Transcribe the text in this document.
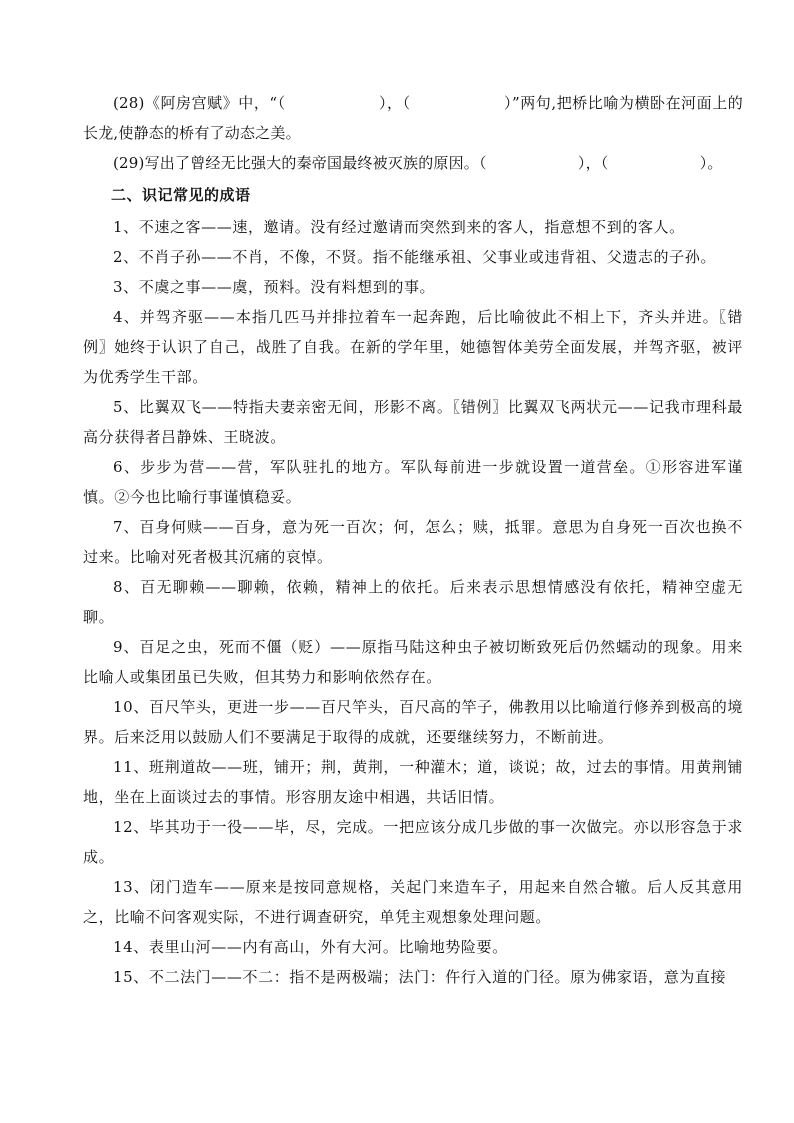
(28)《阿房宫赋》中，“（　　　　　　），（　　　　　　）”两句,把桥比喻为横卧在河面上的长龙,使静态的桥有了动态之美。

(29)写出了曾经无比强大的秦帝国最终被灭族的原因。（　　　　　　），（　　　　　　）。

二、识记常见的成语

1、不速之客——速，邀请。没有经过邀请而突然到来的客人，指意想不到的客人。

2、不肖子孙——不肖，不像，不贤。指不能继承祖、父事业或违背祖、父遗志的子孙。

3、不虞之事——虞，预料。没有料想到的事。

4、并驾齐驱——本指几匹马并排拉着车一起奔跑，后比喻彼此不相上下，齐头并进。〖错例〗她终于认识了自己，战胜了自我。在新的学年里，她德智体美劳全面发展，并驾齐驱，被评为优秀学生干部。

5、比翼双飞——特指夫妻亲密无间，形影不离。〖错例〗比翼双飞两状元——记我市理科最高分获得者吕静姝、王晓波。

6、步步为营——营，军队驻扎的地方。军队每前进一步就设置一道营垒。①形容进军谨慎。②今也比喻行事谨慎稳妥。

7、百身何赎——百身，意为死一百次；何，怎么；赎，抵罪。意思为自身死一百次也换不过来。比喻对死者极其沉痛的哀悼。

8、百无聊赖——聊赖，依赖，精神上的依托。后来表示思想情感没有依托，精神空虚无聊。

9、百足之虫，死而不僵（贬）——原指马陆这种虫子被切断致死后仍然蠕动的现象。用来比喻人或集团虽已失败，但其势力和影响依然存在。

10、百尺竿头，更进一步——百尺竿头，百尺高的竿子，佛教用以比喻道行修养到极高的境界。后来泛用以鼓励人们不要满足于取得的成就，还要继续努力，不断前进。

11、班荆道故——班，铺开；荆，黄荆，一种灌木；道，谈说；故，过去的事情。用黄荆铺地，坐在上面谈过去的事情。形容朋友途中相遇，共话旧情。

12、毕其功于一役——毕，尽，完成。一把应该分成几步做的事一次做完。亦以形容急于求成。

13、闭门造车——原来是按同意规格，关起门来造车子，用起来自然合辙。后人反其意用之，比喻不问客观实际，不进行调查研究，单凭主观想象处理问题。

14、表里山河——内有高山，外有大河。比喻地势险要。

15、不二法门——不二：指不是两极端；法门：仵行入道的门径。原为佛家语，意为直接
